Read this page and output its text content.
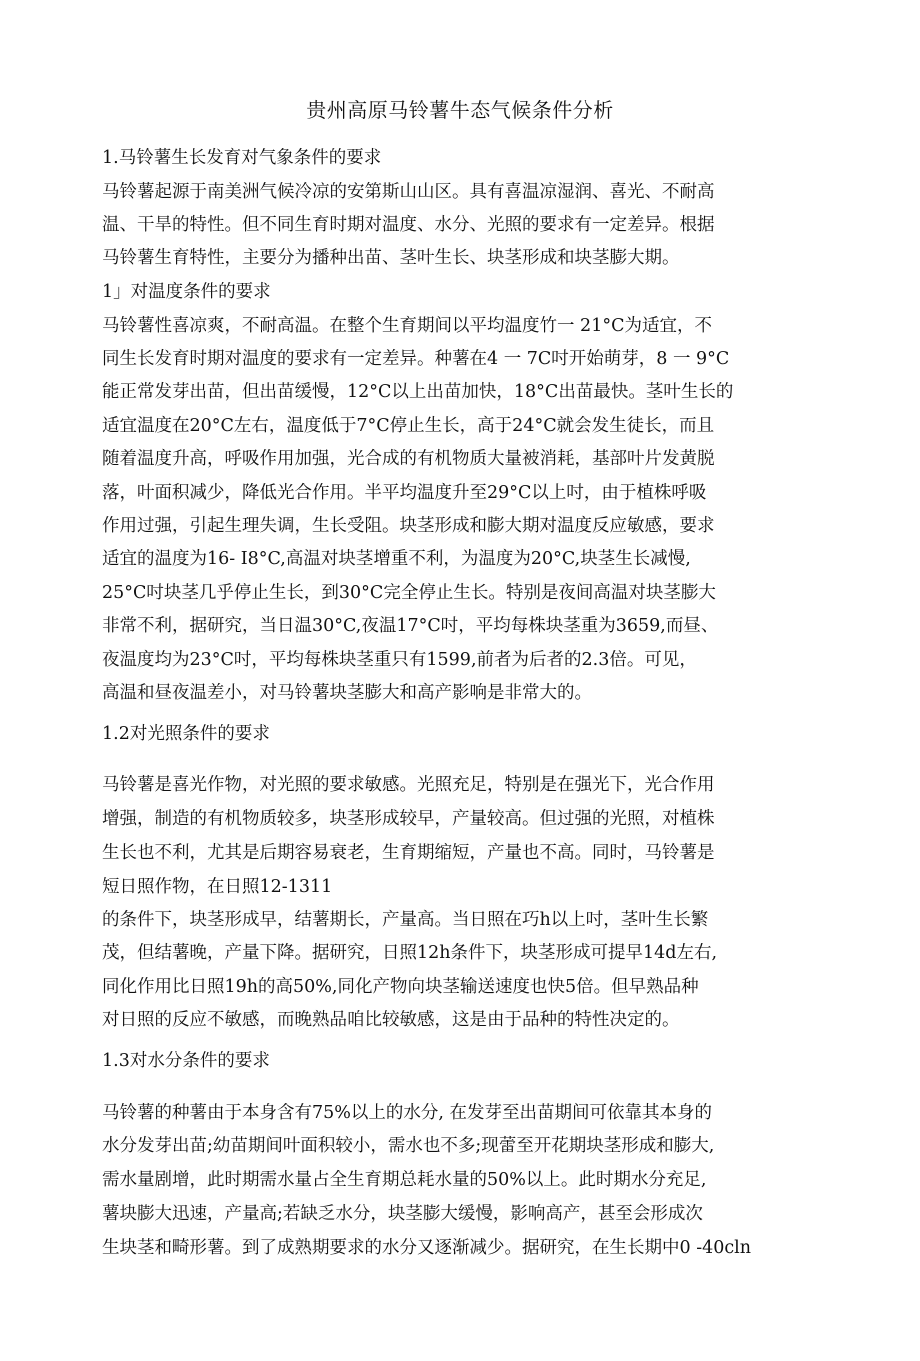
贵州高原马铃薯牛态气候条件分析
1.马铃薯生长发育对气象条件的要求
马铃薯起源于南美洲气候冷凉的安第斯山山区。具有喜温凉湿润、喜光、不耐高
温、干旱的特性。但不同生育时期对温度、水分、光照的要求有一定差异。根据
马铃薯生育特性，主要分为播种出苗、茎叶生长、块茎形成和块茎膨大期。
1」对温度条件的要求
马铃薯性喜凉爽，不耐高温。在整个生育期间以平均温度竹一 21°C为适宜，不
同生长发育时期对温度的要求有一定差异。种薯在4 一 7C吋开始萌芽，8 一 9°C
能正常发芽出苗，但出苗缓慢，12°C以上出苗加快，18°C出苗最快。茎叶生长的
适宜温度在20°C左右，温度低于7°C停止生长，高于24°C就会发生徒长，而且
随着温度升高，呼吸作用加强，光合成的有机物质大量被消耗，基部叶片发黄脱
落，叶面积减少，降低光合作用。半平均温度升至29°C以上吋，由于植株呼吸
作用过强，引起生理失调，生长受阻。块茎形成和膨大期对温度反应敏感，要求
适宜的温度为16- I8°C,高温对块茎增重不利，为温度为20°C,块茎生长减慢,
25°C吋块茎几乎停止生长，到30°C完全停止生长。特别是夜间高温对块茎膨大
非常不利，据研究，当日温30°C,夜温17°C吋，平均每株块茎重为3659,而昼、
夜温度均为23°C吋，平均每株块茎重只有1599,前者为后者的2.3倍。可见，
高温和昼夜温差小，对马铃薯块茎膨大和高产影响是非常大的。
1.2对光照条件的要求
马铃薯是喜光作物，对光照的要求敏感。光照充足，特别是在强光下，光合作用
增强，制造的有机物质较多，块茎形成较早，产量较高。但过强的光照，对植株
生长也不利，尤其是后期容易衰老，生育期缩短，产量也不高。同时，马铃薯是
短日照作物，在日照12-1311
的条件下，块茎形成早，结薯期长，产量高。当日照在巧h以上吋，茎叶生长繁
茂，但结薯晚，产量下降。据研究，日照12h条件下，块茎形成可提早14d左右,
同化作用比日照19h的高50%,同化产物向块茎输送速度也快5倍。但早熟品种
对日照的反应不敏感，而晚熟品咱比较敏感，这是由于品种的特性决定的。
1.3对水分条件的要求
马铃薯的种薯由于本身含有75%以上的水分, 在发芽至出苗期间可依靠其本身的
水分发芽出苗;幼苗期间叶面积较小，需水也不多;现蕾至开花期块茎形成和膨大,
需水量剧增，此时期需水量占全生育期总耗水量的50%以上。此时期水分充足,
薯块膨大迅速，产量高;若缺乏水分，块茎膨大缓慢，影响高产，甚至会形成次
生块茎和畸形薯。到了成熟期要求的水分又逐渐减少。据研究，在生长期中0 -40cln
